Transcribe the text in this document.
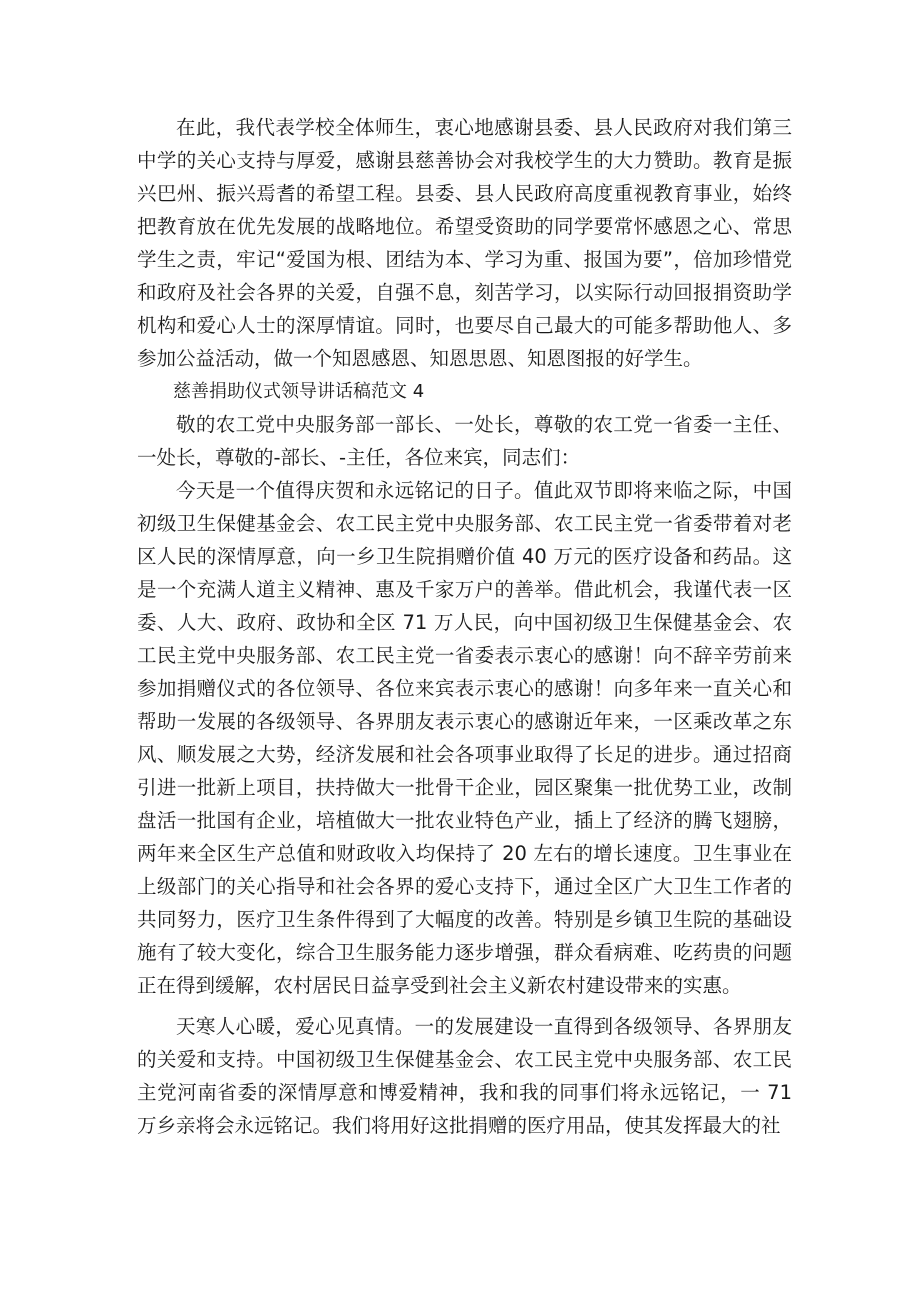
在此，我代表学校全体师生，衷心地感谢县委、县人民政府对我们第三中学的关心支持与厚爱，感谢县慈善协会对我校学生的大力赞助。教育是振兴巴州、振兴焉耆的希望工程。县委、县人民政府高度重视教育事业，始终把教育放在优先发展的战略地位。希望受资助的同学要常怀感恩之心、常思学生之责，牢记“爱国为根、团结为本、学习为重、报国为要”，倍加珍惜党和政府及社会各界的关爱，自强不息，刻苦学习，以实际行动回报捐资助学机构和爱心人士的深厚情谊。同时，也要尽自己最大的可能多帮助他人、多参加公益活动，做一个知恩感恩、知恩思恩、知恩图报的好学生。

慈善捐助仪式领导讲话稿范文 4

敬的农工党中央服务部一部长、一处长，尊敬的农工党一省委一主任、一处长，尊敬的-部长、-主任，各位来宾，同志们：

今天是一个值得庆贺和永远铭记的日子。值此双节即将来临之际，中国初级卫生保健基金会、农工民主党中央服务部、农工民主党一省委带着对老区人民的深情厚意，向一乡卫生院捐赠价值 40 万元的医疗设备和药品。这是一个充满人道主义精神、惠及千家万户的善举。借此机会，我谨代表一区委、人大、政府、政协和全区 71 万人民，向中国初级卫生保健基金会、农工民主党中央服务部、农工民主党一省委表示衷心的感谢！向不辞辛劳前来参加捐赠仪式的各位领导、各位来宾表示衷心的感谢！向多年来一直关心和帮助一发展的各级领导、各界朋友表示衷心的感谢近年来，一区乘改革之东风、顺发展之大势，经济发展和社会各项事业取得了长足的进步。通过招商引进一批新上项目，扶持做大一批骨干企业，园区聚集一批优势工业，改制盘活一批国有企业，培植做大一批农业特色产业，插上了经济的腾飞翅膀，两年来全区生产总值和财政收入均保持了 20 左右的增长速度。卫生事业在上级部门的关心指导和社会各界的爱心支持下，通过全区广大卫生工作者的共同努力，医疗卫生条件得到了大幅度的改善。特别是乡镇卫生院的基础设施有了较大变化，综合卫生服务能力逐步增强，群众看病难、吃药贵的问题正在得到缓解，农村居民日益享受到社会主义新农村建设带来的实惠。

天寒人心暖，爱心见真情。一的发展建设一直得到各级领导、各界朋友的关爱和支持。中国初级卫生保健基金会、农工民主党中央服务部、农工民主党河南省委的深情厚意和博爱精神，我和我的同事们将永远铭记，一 71 万乡亲将会永远铭记。我们将用好这批捐赠的医疗用品，使其发挥最大的社
